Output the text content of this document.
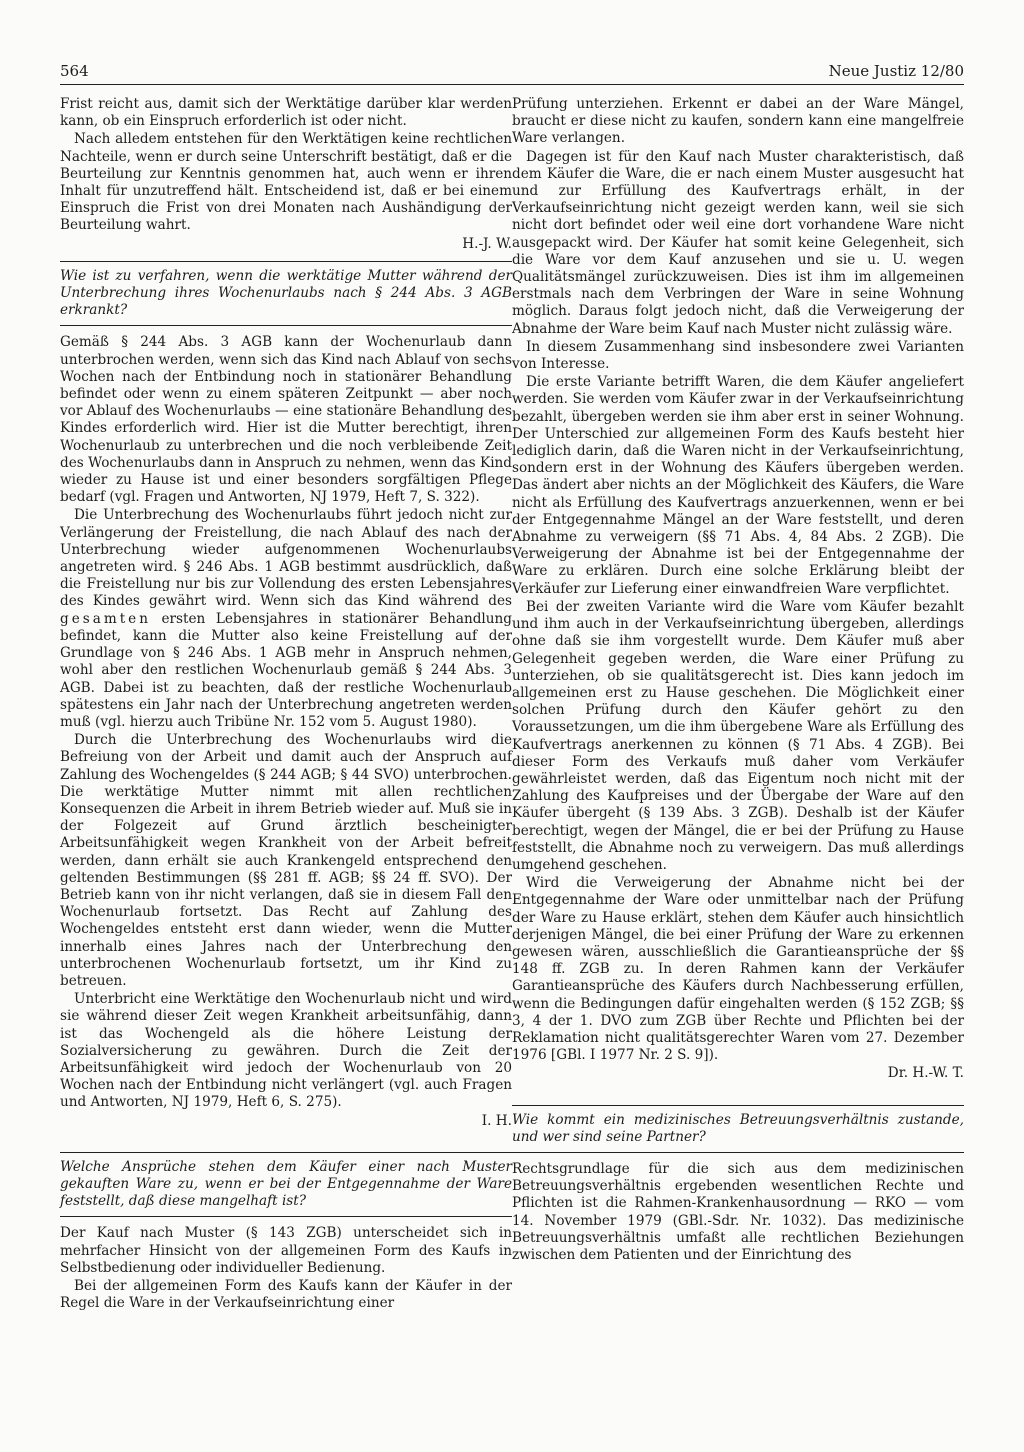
564	Neue Justiz 12/80

Frist reicht aus, damit sich der Werktätige darüber klar werden kann, ob ein Einspruch erforderlich ist oder nicht.

Nach alledem entstehen für den Werktätigen keine rechtlichen Nachteile, wenn er durch seine Unterschrift bestätigt, daß er die Beurteilung zur Kenntnis genommen hat, auch wenn er ihren Inhalt für unzutreffend hält. Entscheidend ist, daß er bei einem Einspruch die Frist von drei Monaten nach Aushändigung der Beurteilung wahrt.

H.-J. W.
Wie ist zu verfahren, wenn die werktätige Mutter während der Unterbrechung ihres Wochenurlaubs nach § 244 Abs. 3 AGB erkrankt?

Gemäß § 244 Abs. 3 AGB kann der Wochenurlaub dann unterbrochen werden, wenn sich das Kind nach Ablauf von sechs Wochen nach der Entbindung noch in stationärer Behandlung befindet oder wenn zu einem späteren Zeitpunkt — aber noch vor Ablauf des Wochenurlaubs — eine stationäre Behandlung des Kindes erforderlich wird. Hier ist die Mutter berechtigt, ihren Wochenurlaub zu unterbrechen und die noch verbleibende Zeit des Wochenurlaubs dann in Anspruch zu nehmen, wenn das Kind wieder zu Hause ist und einer besonders sorgfältigen Pflege bedarf (vgl. Fragen und Antworten, NJ 1979, Heft 7, S. 322).

Die Unterbrechung des Wochenurlaubs führt jedoch nicht zur Verlängerung der Freistellung, die nach Ablauf des nach der Unterbrechung wieder aufgenommenen Wochenurlaubs angetreten wird. § 246 Abs. 1 AGB bestimmt ausdrücklich, daß die Freistellung nur bis zur Vollendung des ersten Lebensjahres des Kindes gewährt wird. Wenn sich das Kind während des gesamten ersten Lebensjahres in stationärer Behandlung befindet, kann die Mutter also keine Freistellung auf der Grundlage von § 246 Abs. 1 AGB mehr in Anspruch nehmen, wohl aber den restlichen Wochenurlaub gemäß § 244 Abs. 3 AGB. Dabei ist zu beachten, daß der restliche Wochenurlaub spätestens ein Jahr nach der Unterbrechung angetreten werden muß (vgl. hierzu auch Tribüne Nr. 152 vom 5. August 1980).

Durch die Unterbrechung des Wochenurlaubs wird die Befreiung von der Arbeit und damit auch der Anspruch auf Zahlung des Wochengeldes (§ 244 AGB; § 44 SVO) unterbrochen. Die werktätige Mutter nimmt mit allen rechtlichen Konsequenzen die Arbeit in ihrem Betrieb wieder auf. Muß sie in der Folgezeit auf Grund ärztlich bescheinigter Arbeitsunfähigkeit wegen Krankheit von der Arbeit befreit werden, dann erhält sie auch Krankengeld entsprechend den geltenden Bestimmungen (§§ 281 ff. AGB; §§ 24 ff. SVO). Der Betrieb kann von ihr nicht verlangen, daß sie in diesem Fall den Wochenurlaub fortsetzt. Das Recht auf Zahlung des Wochengeldes entsteht erst dann wieder, wenn die Mutter innerhalb eines Jahres nach der Unterbrechung den unterbrochenen Wochenurlaub fortsetzt, um ihr Kind zu betreuen.

Unterbricht eine Werktätige den Wochenurlaub nicht und wird sie während dieser Zeit wegen Krankheit arbeitsunfähig, dann ist das Wochengeld als die höhere Leistung der Sozialversicherung zu gewähren. Durch die Zeit der Arbeitsunfähigkeit wird jedoch der Wochenurlaub von 20 Wochen nach der Entbindung nicht verlängert (vgl. auch Fragen und Antworten, NJ 1979, Heft 6, S. 275).

I. H.
Welche Ansprüche stehen dem Käufer einer nach Muster gekauften Ware zu, wenn er bei der Entgegennahme der Ware feststellt, daß diese mangelhaft ist?

Der Kauf nach Muster (§ 143 ZGB) unterscheidet sich in mehrfacher Hinsicht von der allgemeinen Form des Kaufs in Selbstbedienung oder individueller Bedienung.

Bei der allgemeinen Form des Kaufs kann der Käufer in der Regel die Ware in der Verkaufseinrichtung einer

Prüfung unterziehen. Erkennt er dabei an der Ware Mängel, braucht er diese nicht zu kaufen, sondern kann eine mangelfreie Ware verlangen.

Dagegen ist für den Kauf nach Muster charakteristisch, daß dem Käufer die Ware, die er nach einem Muster ausgesucht hat und zur Erfüllung des Kaufvertrags erhält, in der Verkaufseinrichtung nicht gezeigt werden kann, weil sie sich nicht dort befindet oder weil eine dort vorhandene Ware nicht ausgepackt wird. Der Käufer hat somit keine Gelegenheit, sich die Ware vor dem Kauf anzusehen und sie u. U. wegen Qualitätsmängel zurückzuweisen. Dies ist ihm im allgemeinen erstmals nach dem Verbringen der Ware in seine Wohnung möglich. Daraus folgt jedoch nicht, daß die Verweigerung der Abnahme der Ware beim Kauf nach Muster nicht zulässig wäre.

In diesem Zusammenhang sind insbesondere zwei Varianten von Interesse.

Die erste Variante betrifft Waren, die dem Käufer angeliefert werden. Sie werden vom Käufer zwar in der Verkaufseinrichtung bezahlt, übergeben werden sie ihm aber erst in seiner Wohnung. Der Unterschied zur allgemeinen Form des Kaufs besteht hier lediglich darin, daß die Waren nicht in der Verkaufseinrichtung, sondern erst in der Wohnung des Käufers übergeben werden. Das ändert aber nichts an der Möglichkeit des Käufers, die Ware nicht als Erfüllung des Kaufvertrags anzuerkennen, wenn er bei der Entgegennahme Mängel an der Ware feststellt, und deren Abnahme zu verweigern (§§ 71 Abs. 4, 84 Abs. 2 ZGB). Die Verweigerung der Abnahme ist bei der Entgegennahme der Ware zu erklären. Durch eine solche Erklärung bleibt der Verkäufer zur Lieferung einer einwandfreien Ware verpflichtet.

Bei der zweiten Variante wird die Ware vom Käufer bezahlt und ihm auch in der Verkaufseinrichtung übergeben, allerdings ohne daß sie ihm vorgestellt wurde. Dem Käufer muß aber Gelegenheit gegeben werden, die Ware einer Prüfung zu unterziehen, ob sie qualitätsgerecht ist. Dies kann jedoch im allgemeinen erst zu Hause geschehen. Die Möglichkeit einer solchen Prüfung durch den Käufer gehört zu den Voraussetzungen, um die ihm übergebene Ware als Erfüllung des Kaufvertrags anerkennen zu können (§ 71 Abs. 4 ZGB). Bei dieser Form des Verkaufs muß daher vom Verkäufer gewährleistet werden, daß das Eigentum noch nicht mit der Zahlung des Kaufpreises und der Übergabe der Ware auf den Käufer übergeht (§ 139 Abs. 3 ZGB). Deshalb ist der Käufer berechtigt, wegen der Mängel, die er bei der Prüfung zu Hause feststellt, die Abnahme noch zu verweigern. Das muß allerdings umgehend geschehen.

Wird die Verweigerung der Abnahme nicht bei der Entgegennahme der Ware oder unmittelbar nach der Prüfung der Ware zu Hause erklärt, stehen dem Käufer auch hinsichtlich derjenigen Mängel, die bei einer Prüfung der Ware zu erkennen gewesen wären, ausschließlich die Garantieansprüche der §§ 148 ff. ZGB zu. In deren Rahmen kann der Verkäufer Garantieansprüche des Käufers durch Nachbesserung erfüllen, wenn die Bedingungen dafür eingehalten werden (§ 152 ZGB; §§ 3, 4 der 1. DVO zum ZGB über Rechte und Pflichten bei der Reklamation nicht qualitätsgerechter Waren vom 27. Dezember 1976 [GBl. I 1977 Nr. 2 S. 9]).

Dr. H.-W. T.
Wie kommt ein medizinisches Betreuungsverhältnis zustande, und wer sind seine Partner?

Rechtsgrundlage für die sich aus dem medizinischen Betreuungsverhältnis ergebenden wesentlichen Rechte und Pflichten ist die Rahmen-Krankenhausordnung — RKO — vom 14. November 1979 (GBl.-Sdr. Nr. 1032). Das medizinische Betreuungsverhältnis umfaßt alle rechtlichen Beziehungen zwischen dem Patienten und der Einrichtung des
